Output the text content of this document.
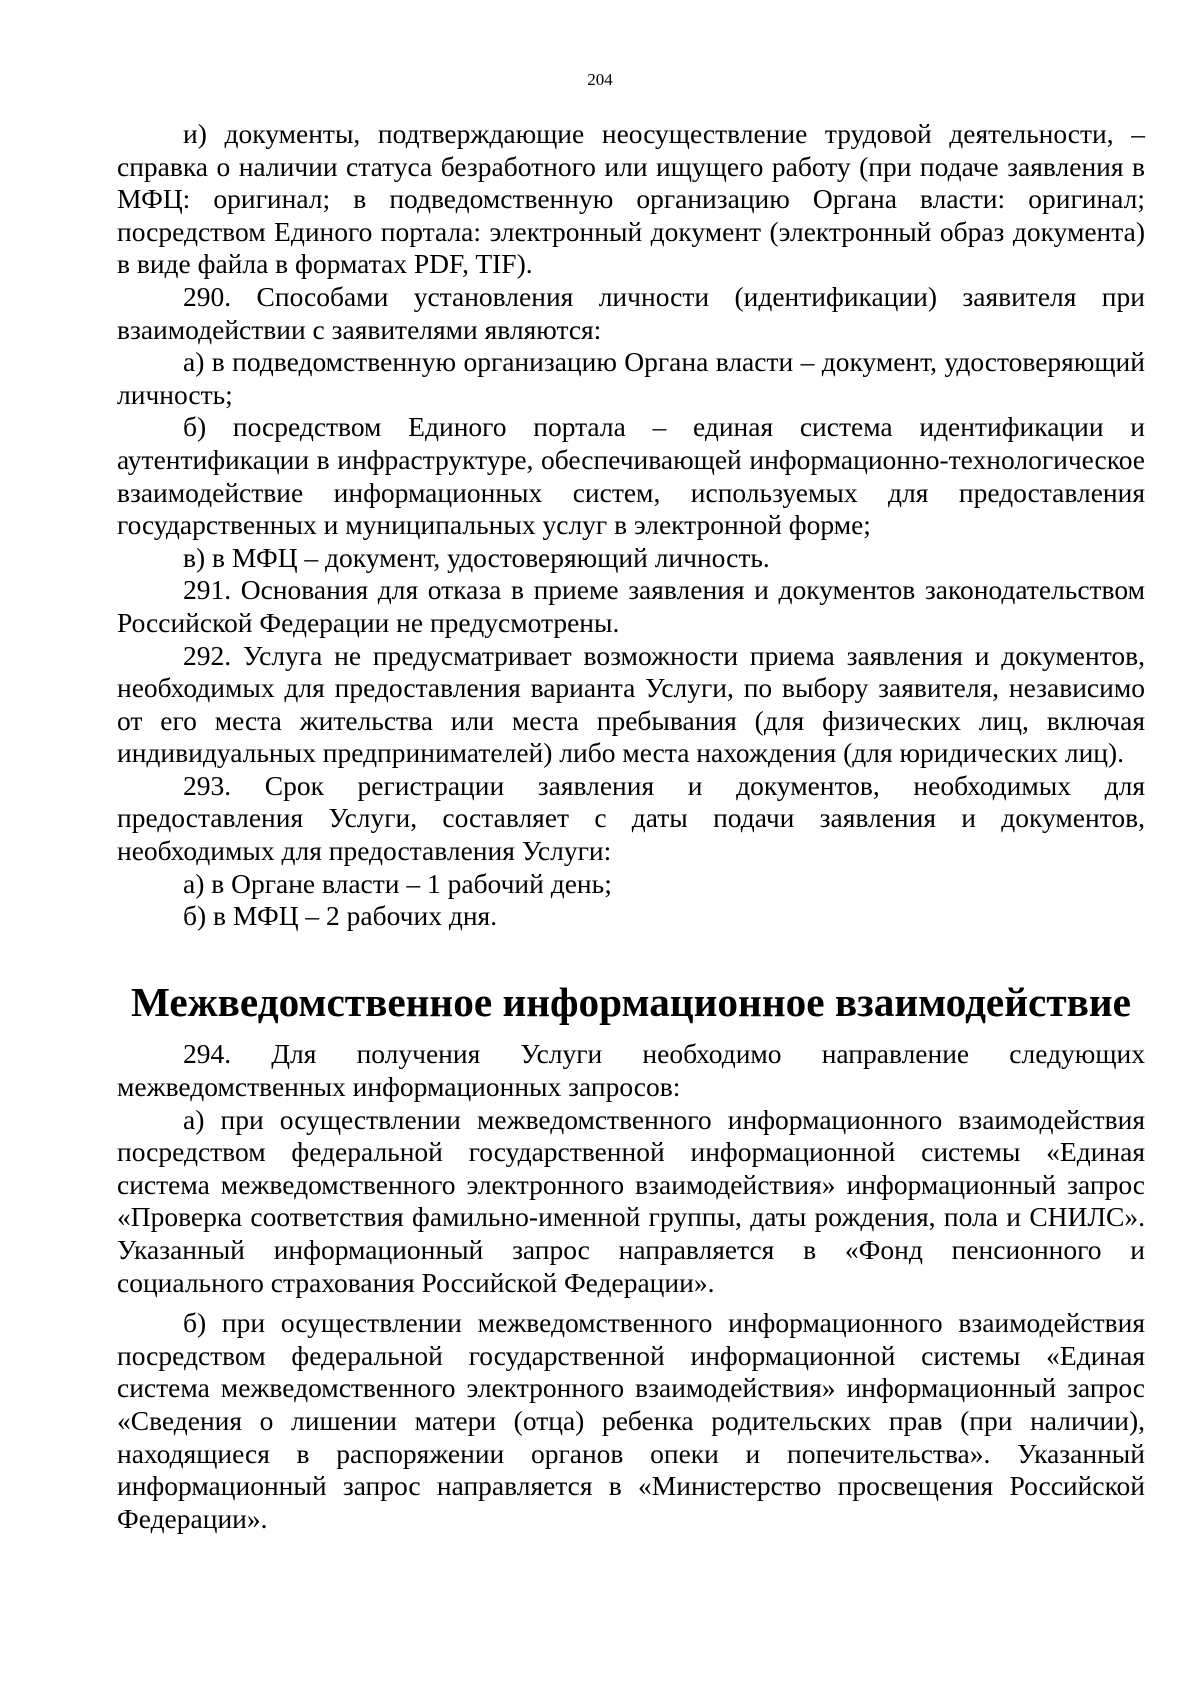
204

и) документы, подтверждающие неосуществление трудовой деятельности, – справка о наличии статуса безработного или ищущего работу (при подаче заявления в МФЦ: оригинал; в подведомственную организацию Органа власти: оригинал; посредством Единого портала: электронный документ (электронный образ документа) в виде файла в форматах PDF, TIF).

290. Способами установления личности (идентификации) заявителя при взаимодействии с заявителями являются:

а) в подведомственную организацию Органа власти – документ, удостоверяющий личность;

б) посредством Единого портала – единая система идентификации и аутентификации в инфраструктуре, обеспечивающей информационно-технологическое взаимодействие информационных систем, используемых для предоставления государственных и муниципальных услуг в электронной форме;

в) в МФЦ – документ, удостоверяющий личность.

291. Основания для отказа в приеме заявления и документов законодательством Российской Федерации не предусмотрены.

292. Услуга не предусматривает возможности приема заявления и документов, необходимых для предоставления варианта Услуги, по выбору заявителя, независимо от его места жительства или места пребывания (для физических лиц, включая индивидуальных предпринимателей) либо места нахождения (для юридических лиц).

293. Срок регистрации заявления и документов, необходимых для предоставления Услуги, составляет с даты подачи заявления и документов, необходимых для предоставления Услуги:

а) в Органе власти – 1 рабочий день;

б) в МФЦ – 2 рабочих дня.

Межведомственное информационное взаимодействие

294. Для получения Услуги необходимо направление следующих межведомственных информационных запросов:

а) при осуществлении межведомственного информационного взаимодействия посредством федеральной государственной информационной системы «Единая система межведомственного электронного взаимодействия» информационный запрос «Проверка соответствия фамильно-именной группы, даты рождения, пола и СНИЛС». Указанный информационный запрос направляется в «Фонд пенсионного и социального страхования Российской Федерации».

б) при осуществлении межведомственного информационного взаимодействия посредством федеральной государственной информационной системы «Единая система межведомственного электронного взаимодействия» информационный запрос «Сведения о лишении матери (отца) ребенка родительских прав (при наличии), находящиеся в распоряжении органов опеки и попечительства». Указанный информационный запрос направляется в «Министерство просвещения Российской Федерации».
